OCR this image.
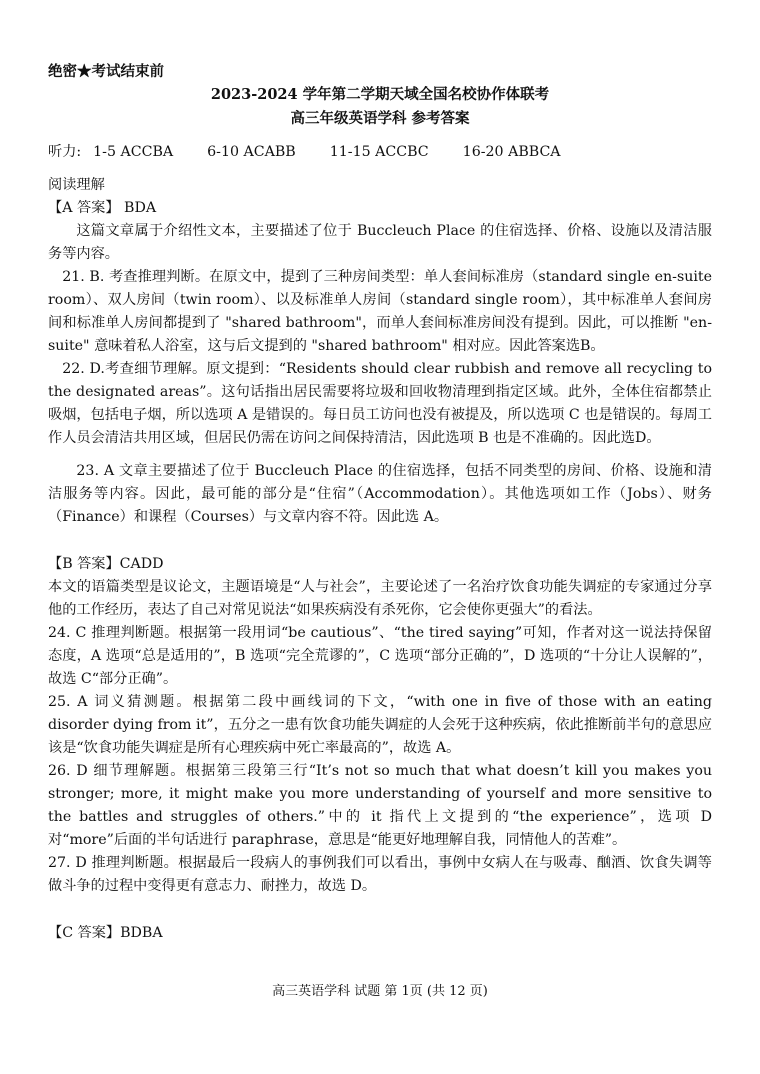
绝密★考试结束前
2023-2024 学年第二学期天域全国名校协作体联考
高三年级英语学科 参考答案
听力: 1-5 ACCBA 6-10 ACABB 11-15 ACCBC 16-20 ABBCA
阅读理解
【A 答案】 BDA

这篇文章属于介绍性文本，主要描述了位于 Buccleuch Place 的住宿选择、价格、设施以及清洁服务等内容。

21. B. 考查推理判断。在原文中，提到了三种房间类型：单人套间标准房（standard single en-suite room）、双人房间（twin room）、以及标准单人房间（standard single room），其中标准单人套间房间和标准单人房间都提到了 "shared bathroom"，而单人套间标准房间没有提到。因此，可以推断 "en-suite" 意味着私人浴室，这与后文提到的 "shared bathroom" 相对应。因此答案选B。

22. D.考查细节理解。原文提到：“Residents should clear rubbish and remove all recycling to the designated areas”。这句话指出居民需要将垃圾和回收物清理到指定区域。此外，全体住宿都禁止吸烟，包括电子烟，所以选项 A 是错误的。每日员工访问也没有被提及，所以选项 C 也是错误的。每周工作人员会清洁共用区域，但居民仍需在访问之间保持清洁，因此选项 B 也是不准确的。因此选D。

23. A 文章主要描述了位于 Buccleuch Place 的住宿选择，包括不同类型的房间、价格、设施和清洁服务等内容。因此，最可能的部分是“住宿”（Accommodation）。其他选项如工作（Jobs）、财务（Finance）和课程（Courses）与文章内容不符。因此选 A。

【B 答案】CADD

本文的语篇类型是议论文，主题语境是“人与社会”，主要论述了一名治疗饮食功能失调症的专家通过分享他的工作经历，表达了自己对常见说法“如果疾病没有杀死你，它会使你更强大”的看法。

24. C 推理判断题。根据第一段用词“be cautious”、“the tired saying”可知，作者对这一说法持保留态度，A 选项“总是适用的”，B 选项“完全荒谬的”，C 选项“部分正确的”，D 选项的“十分让人误解的”，故选 C“部分正确”。

25. A 词义猜测题。根据第二段中画线词的下文，“with one in five of those with an eating disorder dying from it”，五分之一患有饮食功能失调症的人会死于这种疾病，依此推断前半句的意思应该是“饮食功能失调症是所有心理疾病中死亡率最高的”，故选 A。

26. D 细节理解题。根据第三段第三行“It’s not so much that what doesn’t kill you makes you stronger; more, it might make you more understanding of yourself and more sensitive to the battles and struggles of others.”中的 it 指代上文提到的“the experience”，选项 D 对“more”后面的半句话进行 paraphrase，意思是“能更好地理解自我，同情他人的苦难”。

27. D 推理判断题。根据最后一段病人的事例我们可以看出，事例中女病人在与吸毒、酗酒、饮食失调等做斗争的过程中变得更有意志力、耐挫力，故选 D。

【C 答案】BDBA
高三英语学科 试题 第 1页 (共 12 页)
